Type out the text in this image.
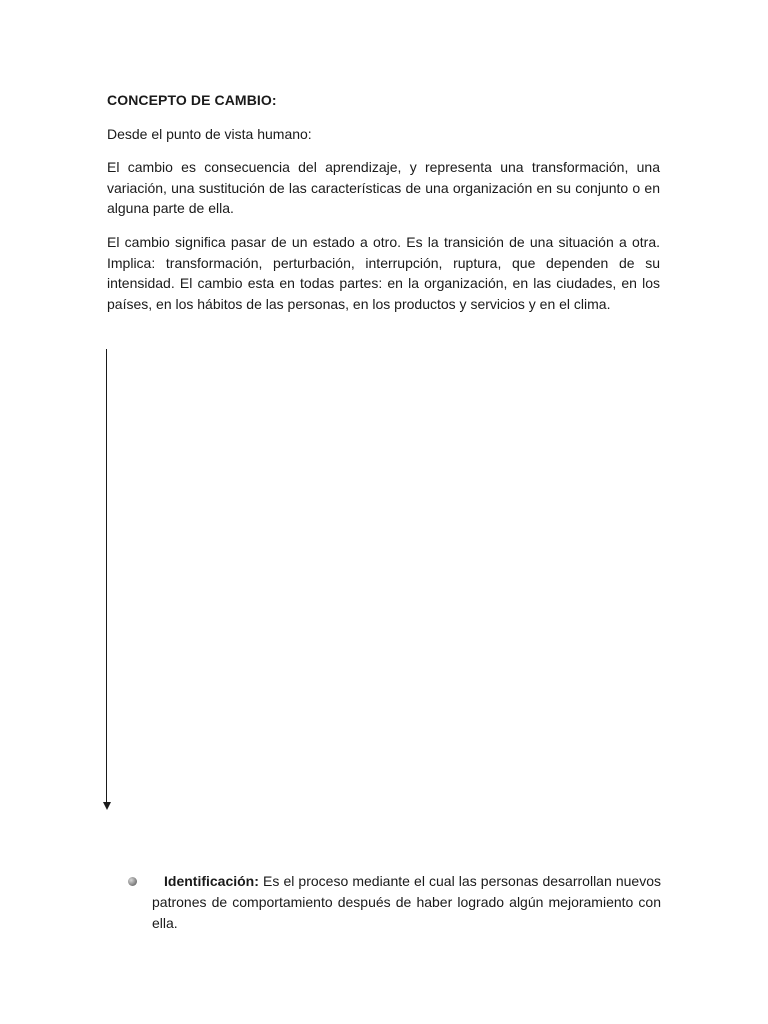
CONCEPTO DE CAMBIO:

Desde el punto de vista humano:

El cambio es consecuencia del aprendizaje, y representa una transformación, una variación, una sustitución de las características de una organización en su conjunto o en alguna parte de ella.

El cambio significa pasar de un estado a otro. Es la transición de una situación a otra. Implica: transformación, perturbación, interrupción, ruptura, que dependen de su intensidad. El cambio esta en todas partes: en la organización, en las ciudades, en los países, en los hábitos de las personas, en los productos y servicios y en el clima.

Identificación: Es el proceso mediante el cual las personas desarrollan nuevos patrones de comportamiento después de haber logrado algún mejoramiento con ella.
